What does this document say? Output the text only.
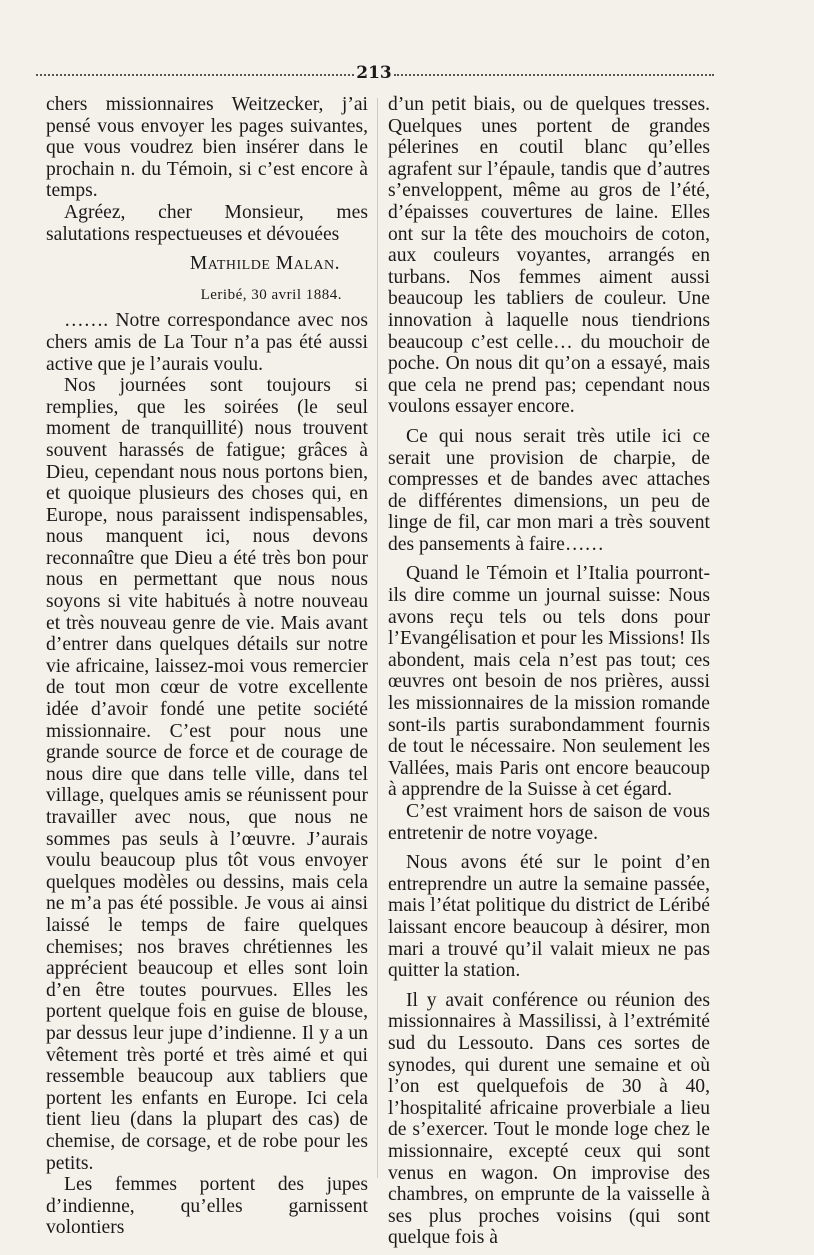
213

chers missionnaires Weitzecker, j’ai pensé vous envoyer les pages suivantes, que vous voudrez bien insérer dans le prochain n. du Témoin, si c’est encore à temps.

Agréez, cher Monsieur, mes salutations respectueuses et dévouées

Mathilde Malan.
Leribé, 30 avril 1884.

……. Notre correspondance avec nos chers amis de La Tour n’a pas été aussi active que je l’aurais voulu.

Nos journées sont toujours si remplies, que les soirées (le seul moment de tranquillité) nous trouvent souvent harassés de fatigue; grâces à Dieu, cependant nous nous portons bien, et quoique plusieurs des choses qui, en Europe, nous paraissent indispensables, nous manquent ici, nous devons reconnaître que Dieu a été très bon pour nous en permettant que nous nous soyons si vite habitués à notre nouveau et très nouveau genre de vie. Mais avant d’entrer dans quelques détails sur notre vie africaine, laissez-moi vous remercier de tout mon cœur de votre excellente idée d’avoir fondé une petite société missionnaire. C’est pour nous une grande source de force et de courage de nous dire que dans telle ville, dans tel village, quelques amis se réunissent pour travailler avec nous, que nous ne sommes pas seuls à l’œuvre. J’aurais voulu beaucoup plus tôt vous envoyer quelques modèles ou dessins, mais cela ne m’a pas été possible. Je vous ai ainsi laissé le temps de faire quelques chemises; nos braves chrétiennes les apprécient beaucoup et elles sont loin d’en être toutes pourvues. Elles les portent quelque fois en guise de blouse, par dessus leur jupe d’indienne. Il y a un vêtement très porté et très aimé et qui ressemble beaucoup aux tabliers que portent les enfants en Europe. Ici cela tient lieu (dans la plupart des cas) de chemise, de corsage, et de robe pour les petits.

Les femmes portent des jupes d’indienne, qu’elles garnissent volontiers

d’un petit biais, ou de quelques tresses. Quelques unes portent de grandes pélerines en coutil blanc qu’elles agrafent sur l’épaule, tandis que d’autres s’enveloppent, même au gros de l’été, d’épaisses couvertures de laine. Elles ont sur la tête des mouchoirs de coton, aux couleurs voyantes, arrangés en turbans. Nos femmes aiment aussi beaucoup les tabliers de couleur. Une innovation à laquelle nous tiendrions beaucoup c’est celle… du mouchoir de poche. On nous dit qu’on a essayé, mais que cela ne prend pas; cependant nous voulons essayer encore.

Ce qui nous serait très utile ici ce serait une provision de charpie, de compresses et de bandes avec attaches de différentes dimensions, un peu de linge de fil, car mon mari a très souvent des pansements à faire……

Quand le Témoin et l’Italia pourront-ils dire comme un journal suisse: Nous avons reçu tels ou tels dons pour l’Evangélisation et pour les Missions! Ils abondent, mais cela n’est pas tout; ces œuvres ont besoin de nos prières, aussi les missionnaires de la mission romande sont-ils partis surabondamment fournis de tout le nécessaire. Non seulement les Vallées, mais Paris ont encore beaucoup à apprendre de la Suisse à cet égard.

C’est vraiment hors de saison de vous entretenir de notre voyage.

Nous avons été sur le point d’en entreprendre un autre la semaine passée, mais l’état politique du district de Léribé laissant encore beaucoup à désirer, mon mari a trouvé qu’il valait mieux ne pas quitter la station.

Il y avait conférence ou réunion des missionnaires à Massilissi, à l’extrémité sud du Lessouto. Dans ces sortes de synodes, qui durent une semaine et où l’on est quelquefois de 30 à 40, l’hospitalité africaine proverbiale a lieu de s’exercer. Tout le monde loge chez le missionnaire, excepté ceux qui sont venus en wagon. On improvise des chambres, on emprunte de la vaisselle à ses plus proches voisins (qui sont quelque fois à
